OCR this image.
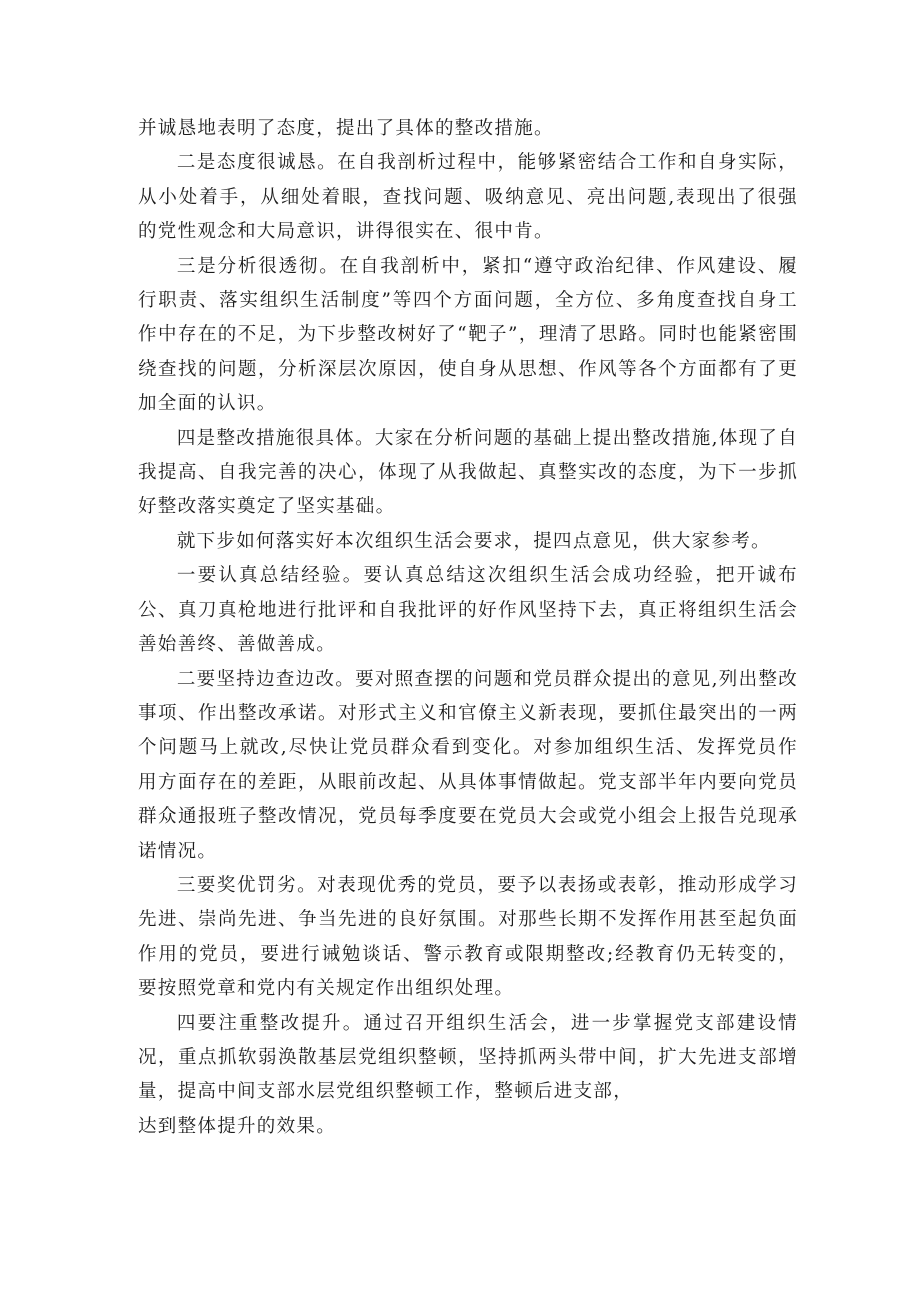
并诚恳地表明了态度，提出了具体的整改措施。

二是态度很诚恳。在自我剖析过程中，能够紧密结合工作和自身实际，从小处着手，从细处着眼，查找问题、吸纳意见、亮出问题,表现出了很强的党性观念和大局意识，讲得很实在、很中肯。

三是分析很透彻。在自我剖析中，紧扣“遵守政治纪律、作风建设、履行职责、落实组织生活制度”等四个方面问题，全方位、多角度查找自身工作中存在的不足，为下步整改树好了“靶子”，理清了思路。同时也能紧密围绕查找的问题，分析深层次原因，使自身从思想、作风等各个方面都有了更加全面的认识。

四是整改措施很具体。大家在分析问题的基础上提出整改措施,体现了自我提高、自我完善的决心，体现了从我做起、真整实改的态度，为下一步抓好整改落实奠定了坚实基础。

就下步如何落实好本次组织生活会要求，提四点意见，供大家参考。

一要认真总结经验。要认真总结这次组织生活会成功经验，把开诚布公、真刀真枪地进行批评和自我批评的好作风坚持下去，真正将组织生活会善始善终、善做善成。

二要坚持边查边改。要对照查摆的问题和党员群众提出的意见,列出整改事项、作出整改承诺。对形式主义和官僚主义新表现，要抓住最突出的一两个问题马上就改,尽快让党员群众看到变化。对参加组织生活、发挥党员作用方面存在的差距，从眼前改起、从具体事情做起。党支部半年内要向党员群众通报班子整改情况，党员每季度要在党员大会或党小组会上报告兑现承诺情况。

三要奖优罚劣。对表现优秀的党员，要予以表扬或表彰，推动形成学习先进、崇尚先进、争当先进的良好氛围。对那些长期不发挥作用甚至起负面作用的党员，要进行诫勉谈话、警示教育或限期整改;经教育仍无转变的，要按照党章和党内有关规定作出组织处理。

四要注重整改提升。通过召开组织生活会，进一步掌握党支部建设情况，重点抓软弱涣散基层党组织整顿，坚持抓两头带中间，扩大先进支部增量，提高中间支部水层党组织整顿工作，整顿后进支部，

达到整体提升的效果。
